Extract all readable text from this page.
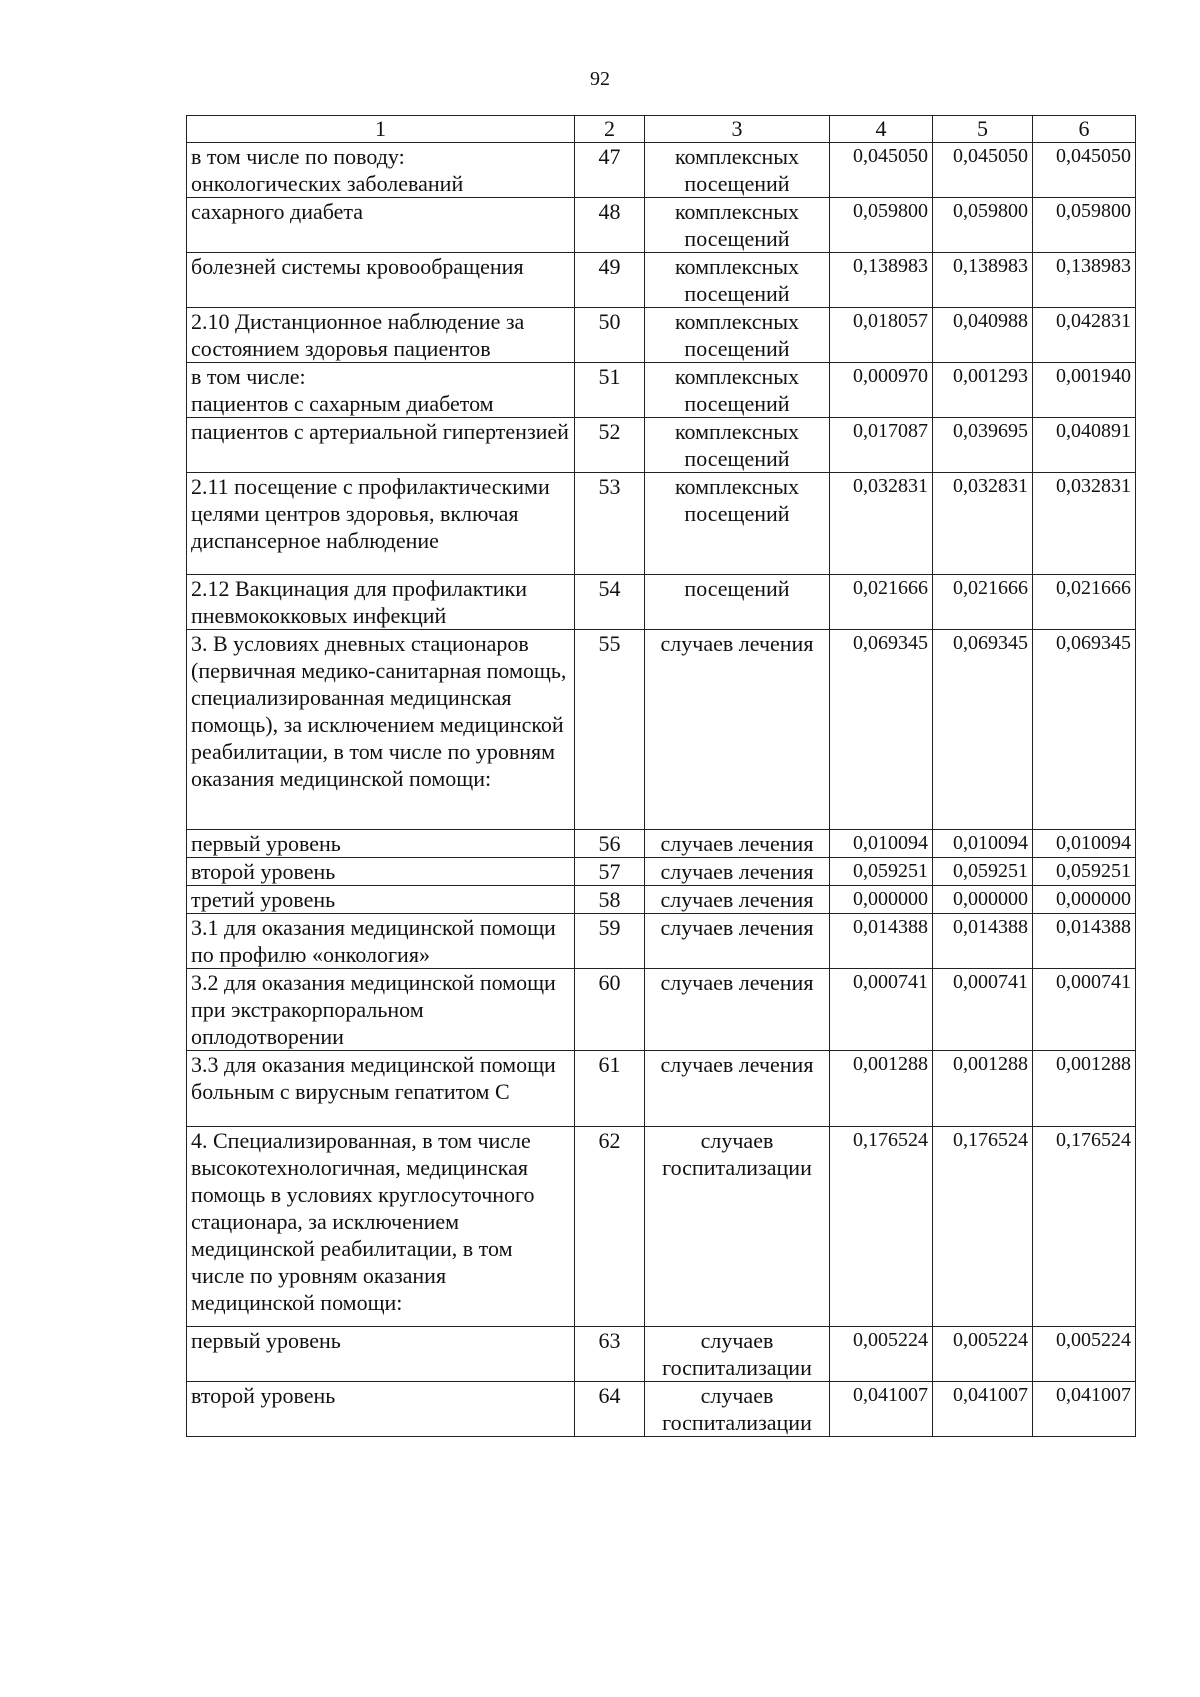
92
1	2	3	4	5	6
в том числе по поводу:
онкологических заболеваний	47	комплексных посещений	0,045050	0,045050	0,045050
сахарного диабета	48	комплексных посещений	0,059800	0,059800	0,059800
болезней системы кровообращения	49	комплексных посещений	0,138983	0,138983	0,138983
2.10 Дистанционное наблюдение за состоянием здоровья пациентов	50	комплексных посещений	0,018057	0,040988	0,042831
в том числе:
пациентов с сахарным диабетом	51	комплексных посещений	0,000970	0,001293	0,001940
пациентов с артериальной гипертензией	52	комплексных посещений	0,017087	0,039695	0,040891
2.11 посещение с профилактическими целями центров здоровья, включая диспансерное наблюдение	53	комплексных посещений	0,032831	0,032831	0,032831
2.12 Вакцинация для профилактики пневмококковых инфекций	54	посещений	0,021666	0,021666	0,021666
3. В условиях дневных стационаров (первичная медико-санитарная помощь, специализированная медицинская помощь), за исключением медицинской реабилитации, в том числе по уровням оказания медицинской помощи:	55	случаев лечения	0,069345	0,069345	0,069345
первый уровень	56	случаев лечения	0,010094	0,010094	0,010094
второй уровень	57	случаев лечения	0,059251	0,059251	0,059251
третий уровень	58	случаев лечения	0,000000	0,000000	0,000000
3.1 для оказания медицинской помощи по профилю «онкология»	59	случаев лечения	0,014388	0,014388	0,014388
3.2 для оказания медицинской помощи при экстракорпоральном оплодотворении	60	случаев лечения	0,000741	0,000741	0,000741
3.3 для оказания медицинской помощи больным с вирусным гепатитом С	61	случаев лечения	0,001288	0,001288	0,001288
4. Специализированная, в том числе высокотехнологичная, медицинская помощь в условиях круглосуточного стационара, за исключением медицинской реабилитации, в том числе по уровням оказания медицинской помощи:	62	случаев госпитализации	0,176524	0,176524	0,176524
первый уровень	63	случаев госпитализации	0,005224	0,005224	0,005224
второй уровень	64	случаев госпитализации	0,041007	0,041007	0,041007
